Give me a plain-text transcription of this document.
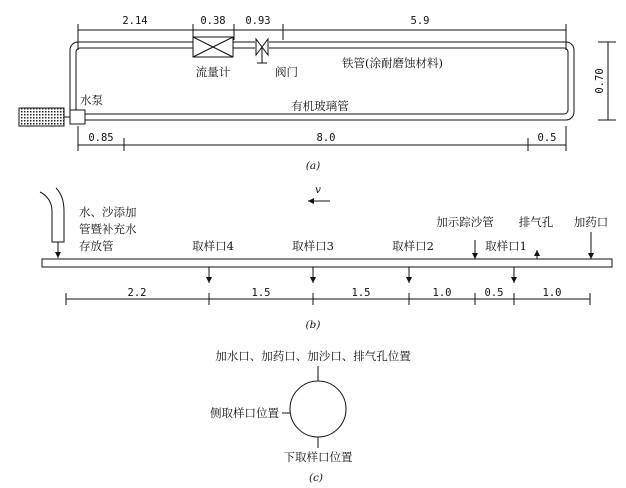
2.14	0.38 0.93	5.9
流量计	阀门
铁管(涂耐磨蚀材料)
水泵	有机玻璃管
0.70
0.85	8.0	0.5
(a)
v
水、沙添加
管暨补充水
存放管	取样口4	取样口3	取样口2	取样口1
加示踪沙管 排气孔 加药口
2.2	1.5	1.5	1.0	0.5	1.0
(b)
加水口、加药口、加沙口、排气孔位置
侧取样口位置
下取样口位置
(c)
